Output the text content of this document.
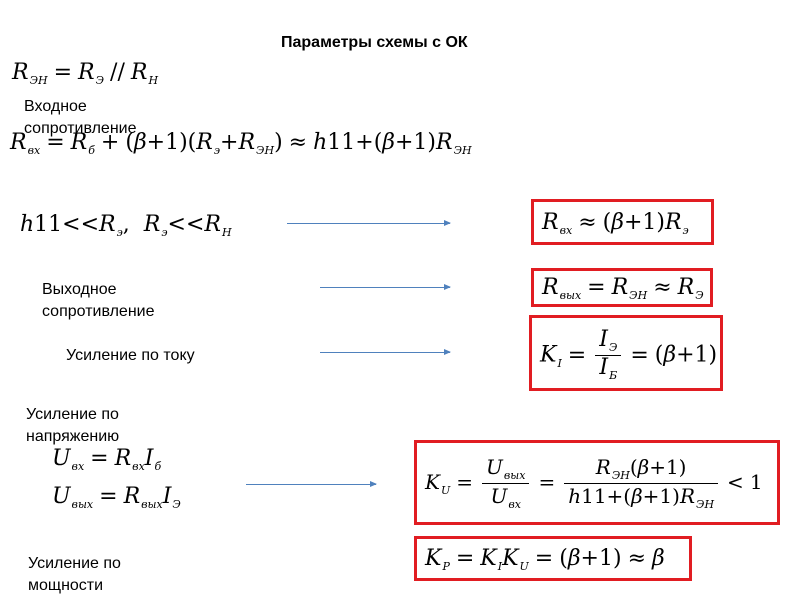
Параметры схемы с ОК
$R_{ЭН} = R_Э // R_Н$
Входное сопротивление
$R_{вх} = R_б + (\beta+1)(R_э+R_{ЭН}) \approx h11+(\beta+1)R_{ЭН}$
$h11<<R_э$,  $R_э<<R_Н$	$R_{вх} \approx (\beta+1)R_э$
Выходное сопротивление
$R_{вых} = R_{ЭН} \approx R_Э$
Усиление по току	$K_I = \frac{I_Э}{I_Б} = (\beta+1)$
Усиление по напряжению
$U_{вх} = R_{вх}I_б$
$U_{вых} = R_{вых}I_Э$
$K_U = \frac{U_{вых}}{U_{вх}} = \frac{R_{ЭН}(\beta+1)}{h11+(\beta+1)R_{ЭН}} < 1$
Усиление по мощности
$K_P = K_IK_U = (\beta+1) \approx \beta$
